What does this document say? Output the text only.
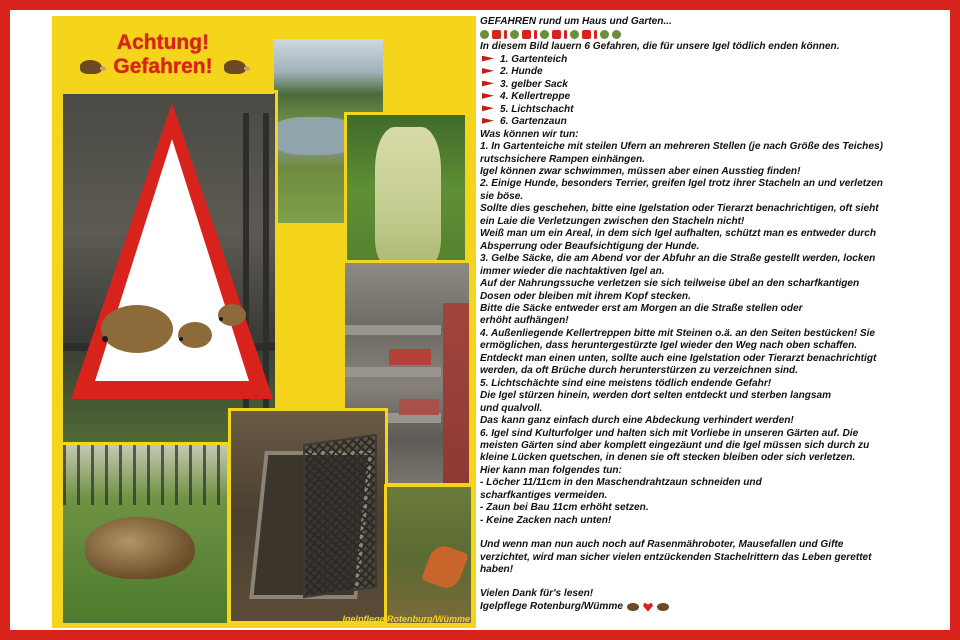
Achtung!
Gefahren!
Igelpflege Rotenburg/Wümme

GEFAHREN rund um Haus und Garten...

In diesem Bild lauern 6 Gefahren, die für unsere Igel tödlich enden können.

1. Gartenteich
2. Hunde
3. gelber Sack
4. Kellertreppe
5. Lichtschacht
6. Gartenzaun

Was können wir tun:

1. In Gartenteiche mit steilen Ufern an mehreren Stellen (je nach Größe des Teiches)

rutschsichere Rampen einhängen.

Igel können zwar schwimmen, müssen aber einen Ausstieg finden!

2. Einige Hunde, besonders Terrier, greifen Igel trotz ihrer Stacheln an und verletzen

sie böse.

Sollte dies geschehen, bitte eine Igelstation oder Tierarzt benachrichtigen, oft sieht

ein Laie die Verletzungen zwischen den Stacheln nicht!

Weiß man um ein Areal, in dem sich Igel aufhalten, schützt man es entweder durch

Absperrung oder Beaufsichtigung der Hunde.

3. Gelbe Säcke, die am Abend vor der Abfuhr an die Straße gestellt werden, locken

immer wieder die nachtaktiven Igel an.

Auf der Nahrungssuche verletzen sie sich teilweise übel an den scharfkantigen

Dosen oder bleiben mit ihrem Kopf stecken.

Bitte die Säcke entweder erst am Morgen an die Straße stellen oder

erhöht aufhängen!

4. Außenliegende Kellertreppen bitte mit Steinen o.ä. an den Seiten bestücken! Sie

ermöglichen, dass heruntergestürzte Igel wieder den Weg nach oben schaffen.

Entdeckt man einen unten, sollte auch eine Igelstation oder Tierarzt benachrichtigt

werden, da oft Brüche durch herunterstürzen zu verzeichnen sind.

5. Lichtschächte sind eine meistens tödlich endende Gefahr!

Die Igel stürzen hinein, werden dort selten entdeckt und sterben langsam

und qualvoll.

Das kann ganz einfach durch eine Abdeckung verhindert werden!

6. Igel sind Kulturfolger und halten sich mit Vorliebe in unseren Gärten auf. Die

meisten Gärten sind aber komplett eingezäunt und die Igel müssen sich durch zu

kleine Lücken quetschen, in denen sie oft stecken bleiben oder sich verletzen.

Hier kann man folgendes tun:

- Löcher 11/11cm in den Maschendrahtzaun schneiden und

scharfkantiges vermeiden.

- Zaun bei Bau 11cm erhöht setzen.

- Keine Zacken nach unten!

Und wenn man nun auch noch auf Rasenmähroboter, Mausefallen und Gifte

verzichtet, wird man sicher vielen entzückenden Stachelrittern das Leben gerettet

haben!

Vielen Dank für's lesen!

Igelpflege Rotenburg/Wümme
